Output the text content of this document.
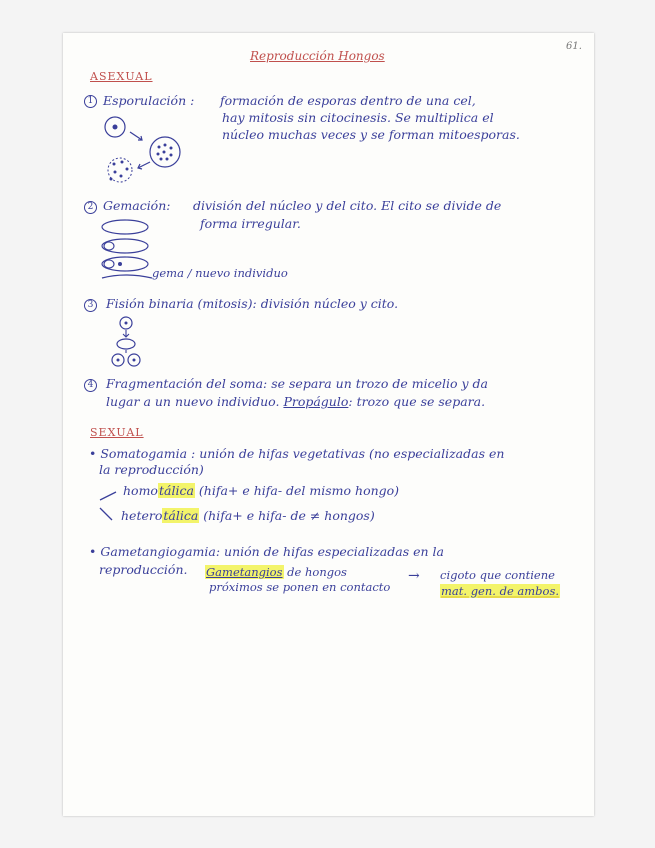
61.
Reproducción Hongos
ASEXUAL
1 Esporulación : formación de esporas dentro de una cel,
hay mitosis sin citocinesis. Se multiplica el
núcleo muchas veces y se forman mitoesporas.
2 Gemación: división del núcleo y del cito. El cito se divide de
forma irregular.
gema / nuevo individuo
3 Fisión binaria (mitosis): división núcleo y cito.
4 Fragmentación del soma: se separa un trozo de micelio y da
lugar a un nuevo individuo. Propágulo: trozo que se separa.
SEXUAL
• Somatogamia : unión de hifas vegetativas (no especializadas en
la reproducción)
homotálica (hifa+ e hifa- del mismo hongo)
heterotálica (hifa+ e hifa- de ≠ hongos)
• Gametangiogamia: unión de hifas especializadas en la
reproducción. Gametangios de hongos
próximos se ponen en contacto
→ cigoto que contiene
mat. gen. de ambos.
